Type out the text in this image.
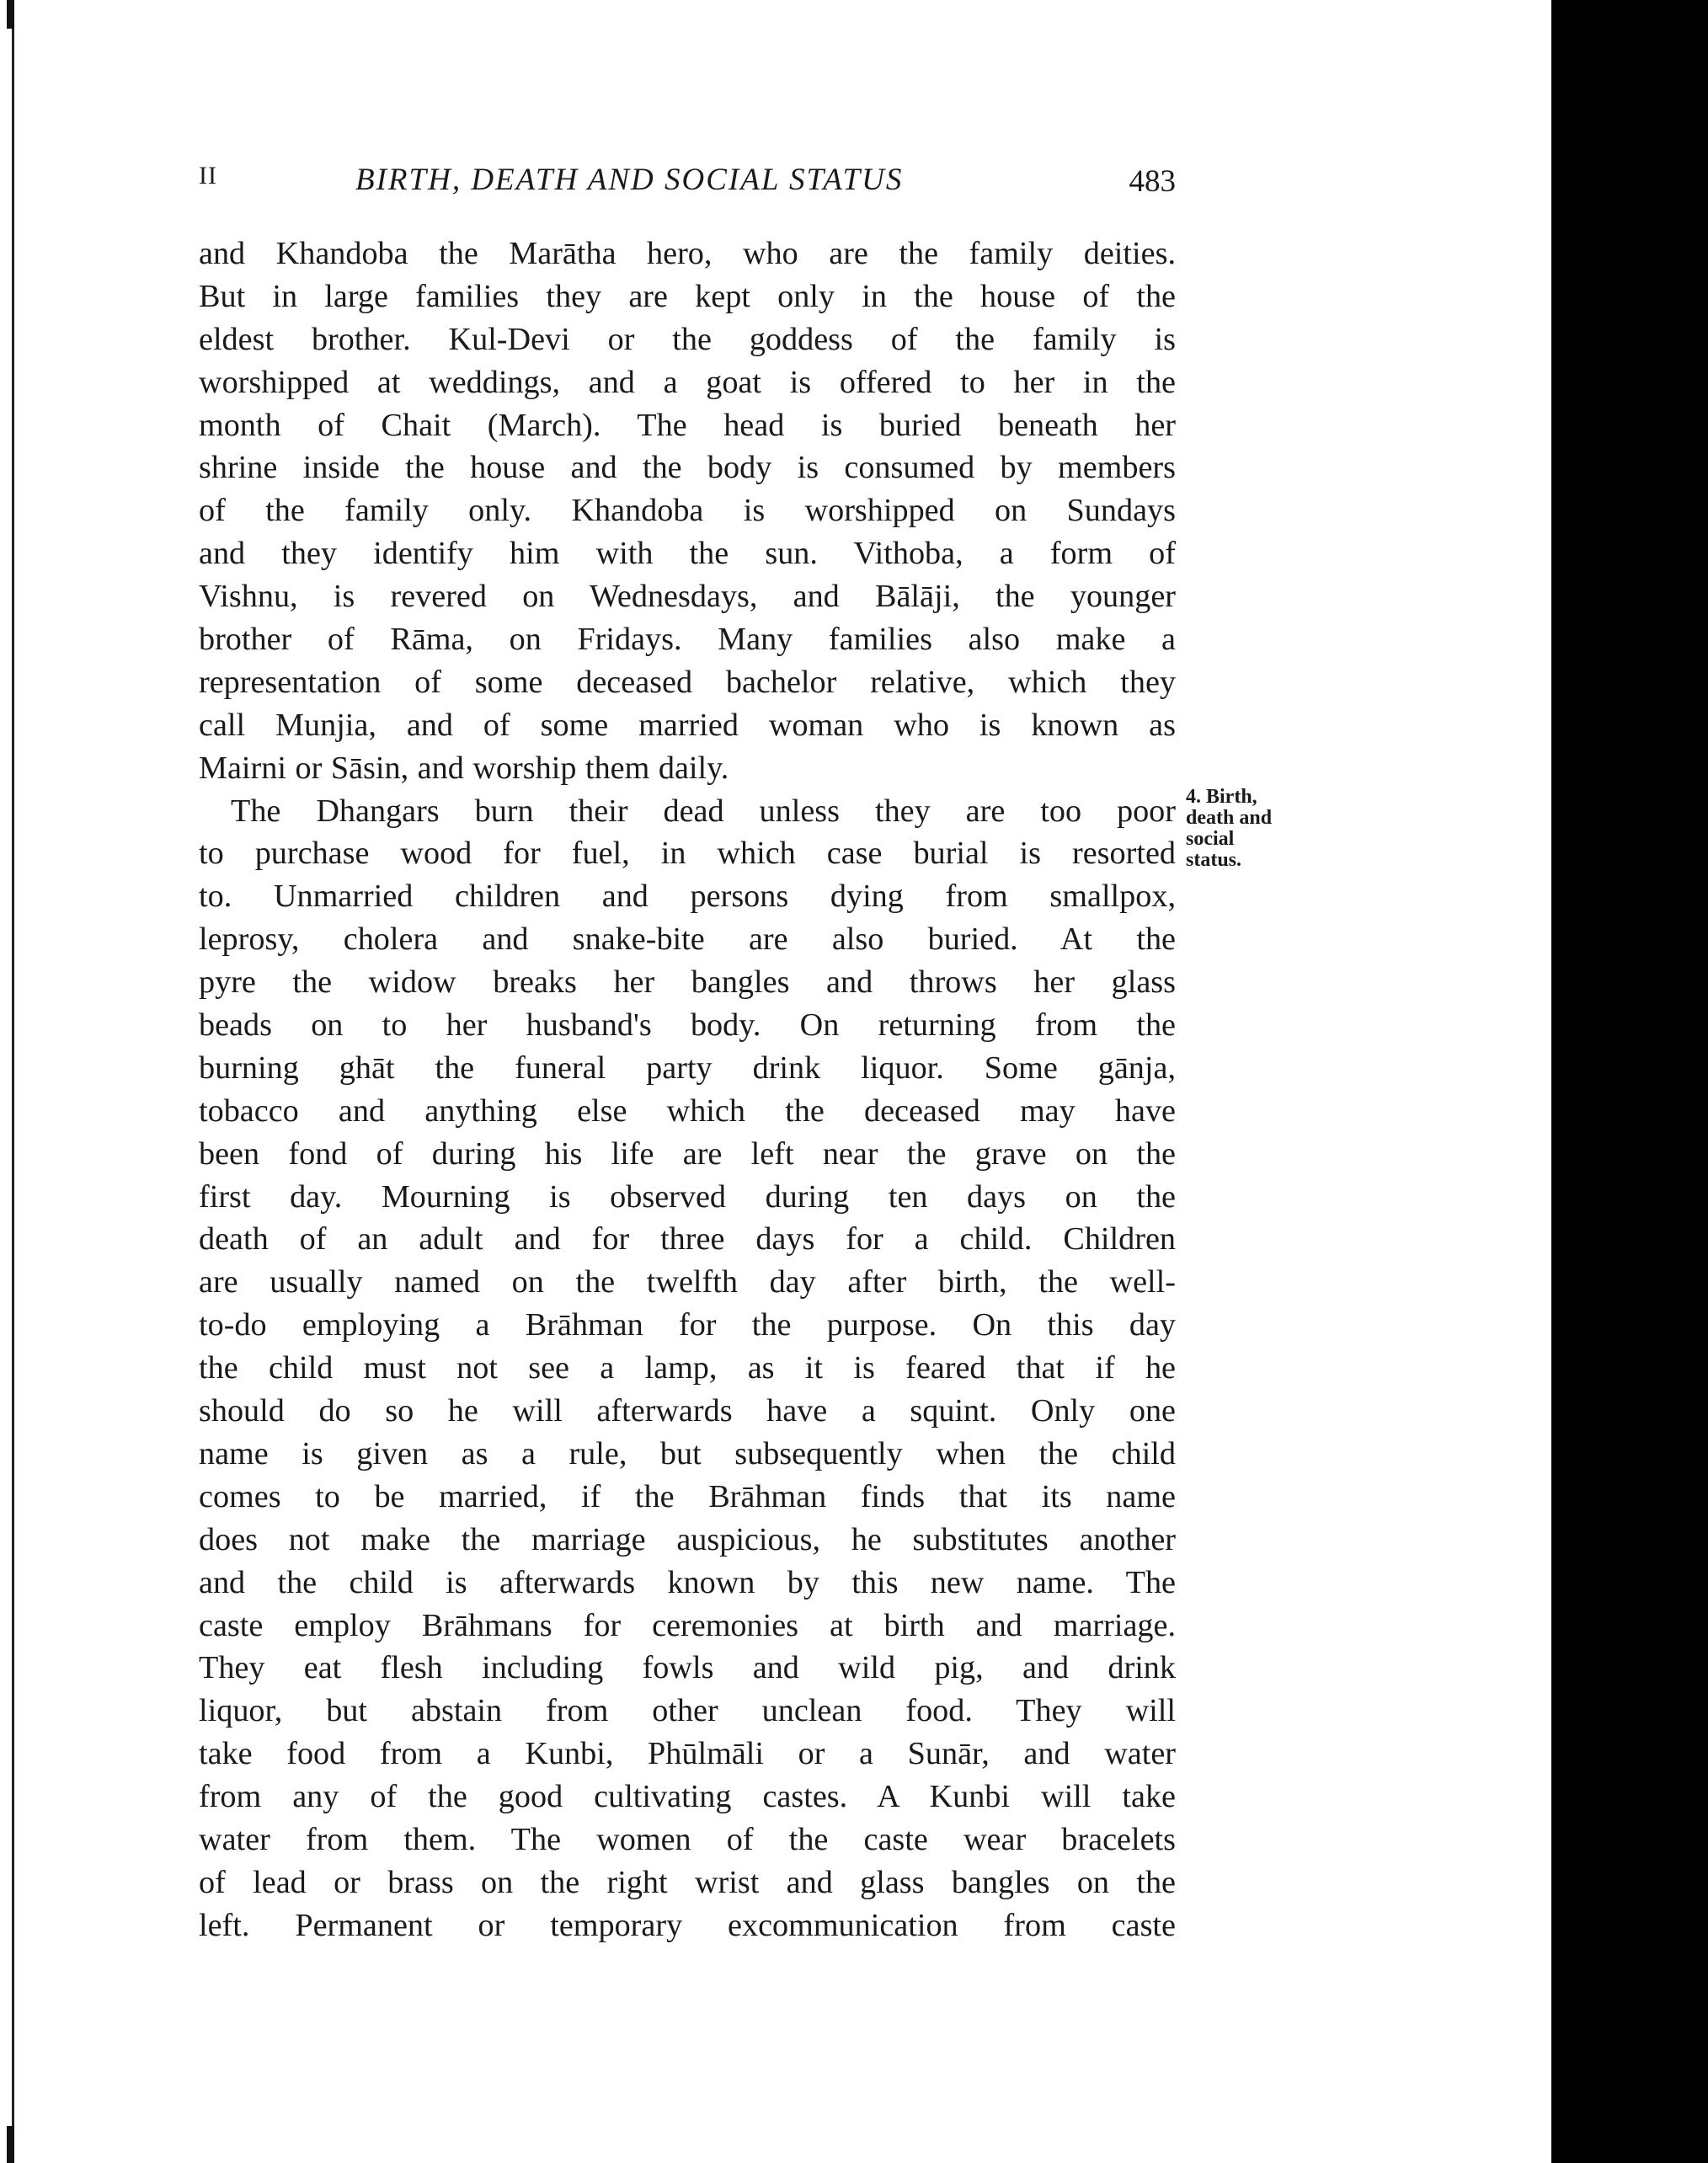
II	BIRTH, DEATH AND SOCIAL STATUS	483
4. Birth,
death and
social
status.
and Khandoba the Marātha hero, who are the family deities.
But in large families they are kept only in the house of the
eldest brother. Kul-Devi or the goddess of the family is
worshipped at weddings, and a goat is offered to her in the
month of Chait (March). The head is buried beneath her
shrine inside the house and the body is consumed by members
of the family only. Khandoba is worshipped on Sundays
and they identify him with the sun. Vithoba, a form of
Vishnu, is revered on Wednesdays, and Bālāji, the younger
brother of Rāma, on Fridays. Many families also make a
representation of some deceased bachelor relative, which they
call Munjia, and of some married woman who is known as
Mairni or Sāsin, and worship them daily.
The Dhangars burn their dead unless they are too poor
to purchase wood for fuel, in which case burial is resorted
to. Unmarried children and persons dying from smallpox,
leprosy, cholera and snake-bite are also buried. At the
pyre the widow breaks her bangles and throws her glass
beads on to her husband's body. On returning from the
burning ghāt the funeral party drink liquor. Some gānja,
tobacco and anything else which the deceased may have
been fond of during his life are left near the grave on the
first day. Mourning is observed during ten days on the
death of an adult and for three days for a child. Children
are usually named on the twelfth day after birth, the well-
to-do employing a Brāhman for the purpose. On this day
the child must not see a lamp, as it is feared that if he
should do so he will afterwards have a squint. Only one
name is given as a rule, but subsequently when the child
comes to be married, if the Brāhman finds that its name
does not make the marriage auspicious, he substitutes another
and the child is afterwards known by this new name. The
caste employ Brāhmans for ceremonies at birth and marriage.
They eat flesh including fowls and wild pig, and drink
liquor, but abstain from other unclean food. They will
take food from a Kunbi, Phūlmāli or a Sunār, and water
from any of the good cultivating castes. A Kunbi will take
water from them. The women of the caste wear bracelets
of lead or brass on the right wrist and glass bangles on the
left. Permanent or temporary excommunication from caste
